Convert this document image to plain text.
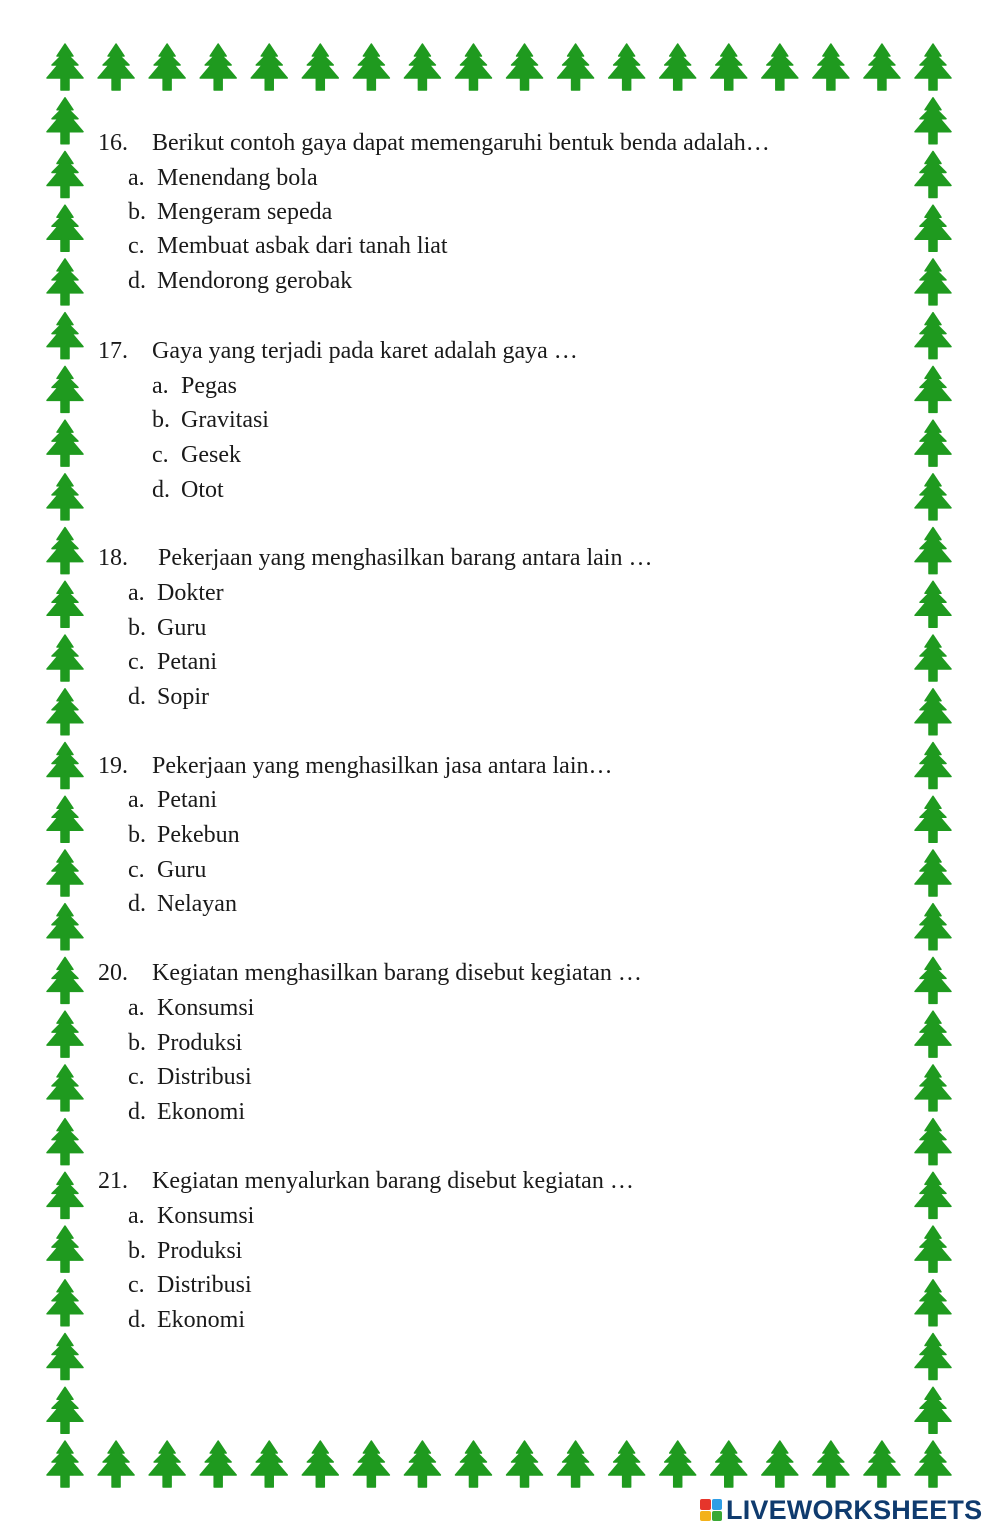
16. Berikut contoh gaya dapat memengaruhi bentuk benda adalah…
a. Menendang bola
b. Mengeram sepeda
c. Membuat asbak dari tanah liat
d. Mendorong gerobak
17. Gaya yang terjadi pada karet adalah gaya …
a. Pegas
b. Gravitasi
c. Gesek
d. Otot
18. Pekerjaan yang menghasilkan barang antara lain …
a. Dokter
b. Guru
c. Petani
d. Sopir
19. Pekerjaan yang menghasilkan jasa antara lain…
a. Petani
b. Pekebun
c. Guru
d. Nelayan
20. Kegiatan menghasilkan barang disebut kegiatan …
a. Konsumsi
b. Produksi
c. Distribusi
d. Ekonomi
21. Kegiatan menyalurkan barang disebut kegiatan …
a. Konsumsi
b. Produksi
c. Distribusi
d. Ekonomi
LIVEWORKSHEETS
